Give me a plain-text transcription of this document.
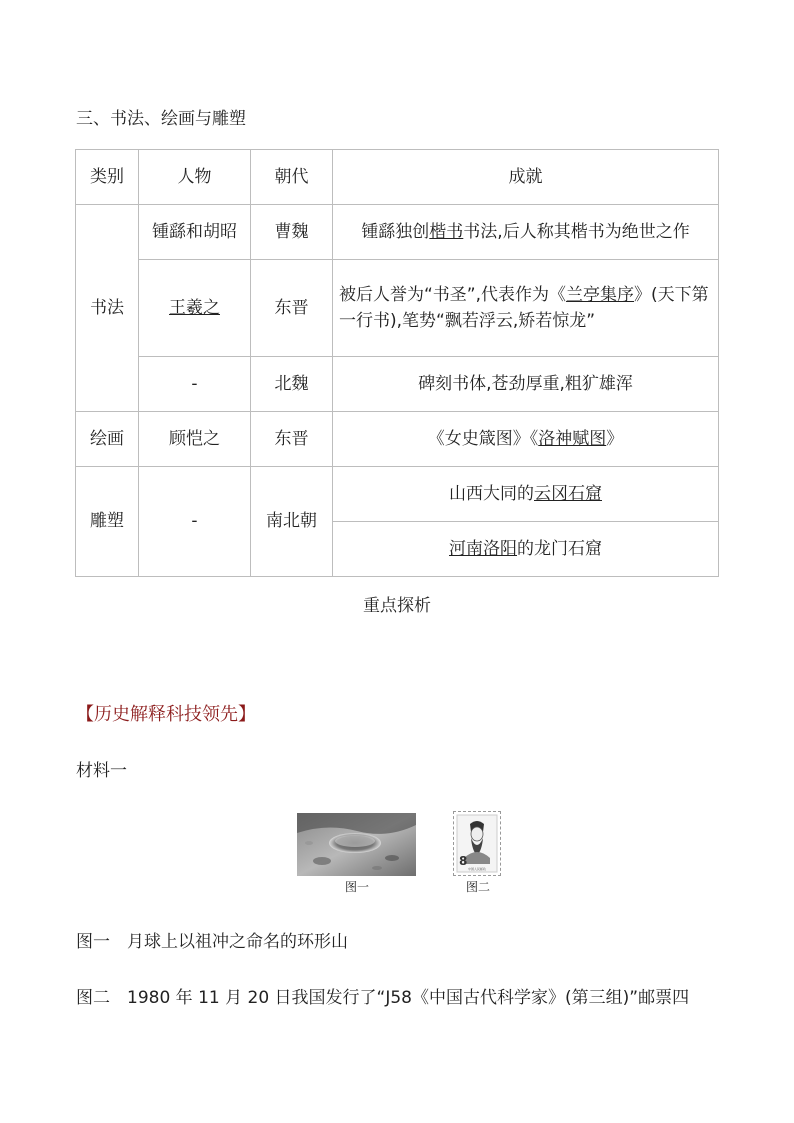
三、书法、绘画与雕塑
类别	人物	朝代	成就
书法	锺繇和胡昭	曹魏	锺繇独创楷书书法,后人称其楷书为绝世之作
	王羲之	东晋	被后人誉为“书圣”,代表作为《兰亭集序》(天下第一行书),笔势“飘若浮云,矫若惊龙”
	-	北魏	碑刻书体,苍劲厚重,粗犷雄浑
绘画	顾恺之	东晋	《女史箴图》《洛神赋图》
雕塑	-	南北朝	山西大同的云冈石窟
			河南洛阳的龙门石窟
重点探析
【历史解释科技领先】
材料一
图一
8
中国人民邮政
图二
图一　月球上以祖冲之命名的环形山
图二　1980 年 11 月 20 日我国发行了“J58《中国古代科学家》(第三组)”邮票四
